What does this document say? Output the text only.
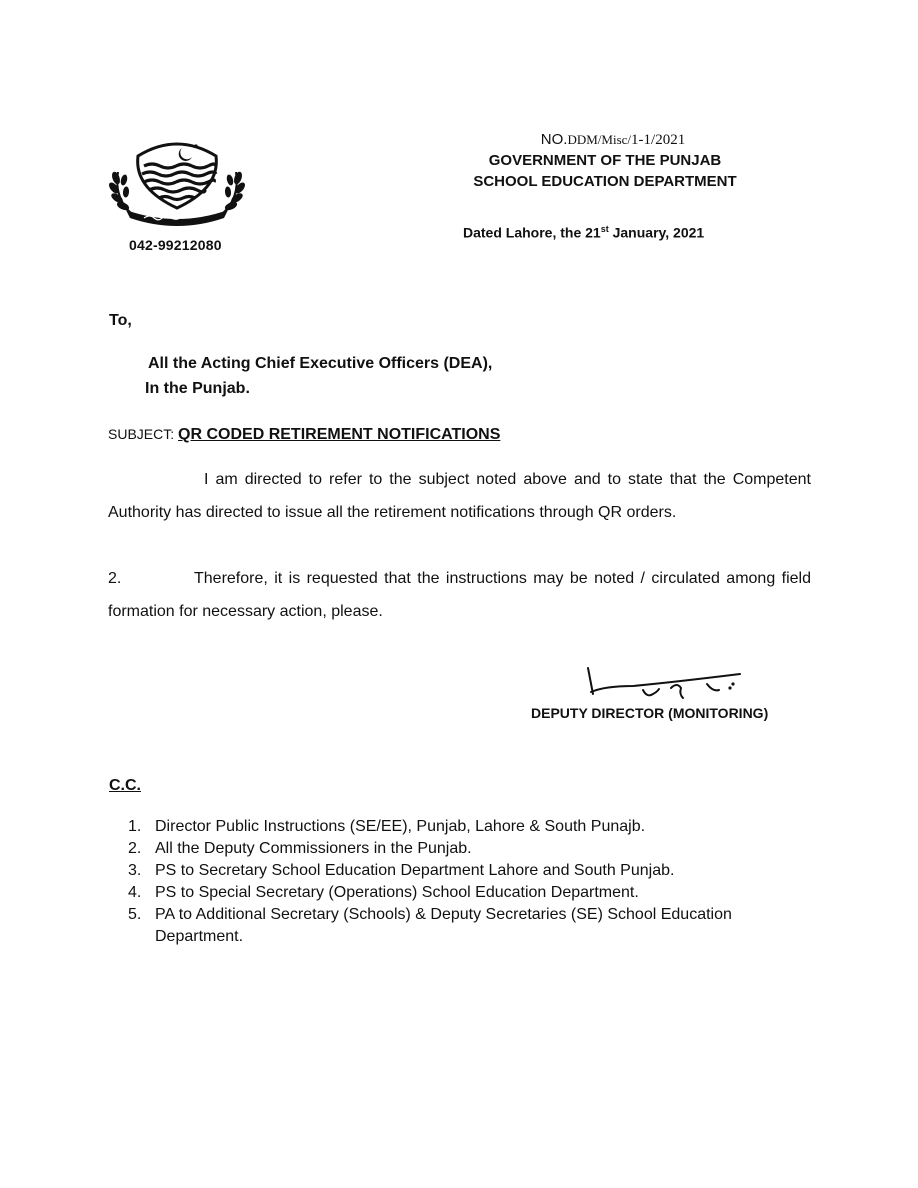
042-99212080
NO.DDM/Misc/1-1/2021
GOVERNMENT OF THE PUNJAB
SCHOOL EDUCATION DEPARTMENT
Dated Lahore, the 21st January, 2021
To,
All the Acting Chief Executive Officers (DEA),
In the Punjab.
SUBJECT: QR CODED RETIREMENT NOTIFICATIONS
I am directed to refer to the subject noted above and to state that the Competent Authority has directed to issue all the retirement notifications through QR orders.
2.	Therefore, it is requested that the instructions may be noted / circulated among field formation for necessary action, please.
DEPUTY DIRECTOR (MONITORING)
C.C.
1. Director Public Instructions (SE/EE), Punjab, Lahore & South Punajb.
2. All the Deputy Commissioners in the Punjab.
3. PS to Secretary School Education Department Lahore and South Punjab.
4. PS to Special Secretary (Operations) School Education Department.
5. PA to Additional Secretary (Schools) & Deputy Secretaries (SE) School Education Department.
